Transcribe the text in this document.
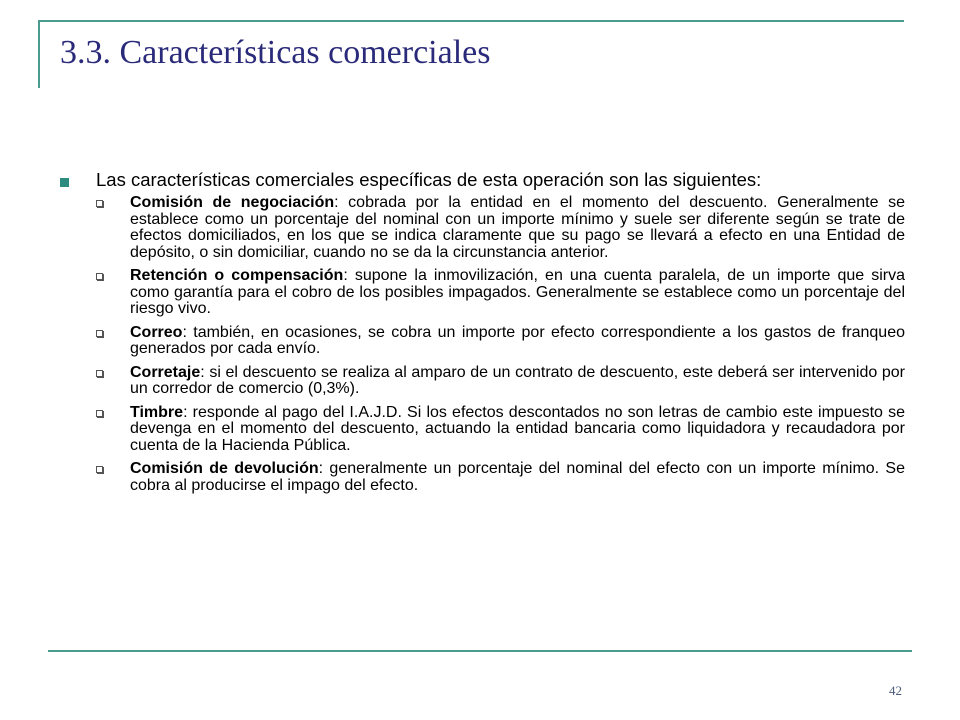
3.3. Características comerciales

Las características comerciales específicas de esta operación son las siguientes:

Comisión de negociación: cobrada por la entidad en el momento del descuento. Generalmente se establece como un porcentaje del nominal con un importe mínimo y suele ser diferente según se trate de efectos domiciliados, en los que se indica claramente que su pago se llevará a efecto en una Entidad de depósito, o sin domiciliar, cuando no se da la circunstancia anterior.

Retención o compensación: supone la inmovilización, en una cuenta paralela, de un importe que sirva como garantía para el cobro de los posibles impagados. Generalmente se establece como un porcentaje del riesgo vivo.

Correo: también, en ocasiones, se cobra un importe por efecto correspondiente a los gastos de franqueo generados por cada envío.

Corretaje: si el descuento se realiza al amparo de un contrato de descuento, este deberá ser intervenido por un corredor de comercio (0,3%).

Timbre: responde al pago del I.A.J.D. Si los efectos descontados no son letras de cambio este impuesto se devenga en el momento del descuento, actuando la entidad bancaria como liquidadora y recaudadora por cuenta de la Hacienda Pública.

Comisión de devolución: generalmente un porcentaje del nominal del efecto con un importe mínimo. Se cobra al producirse el impago del efecto.

42
